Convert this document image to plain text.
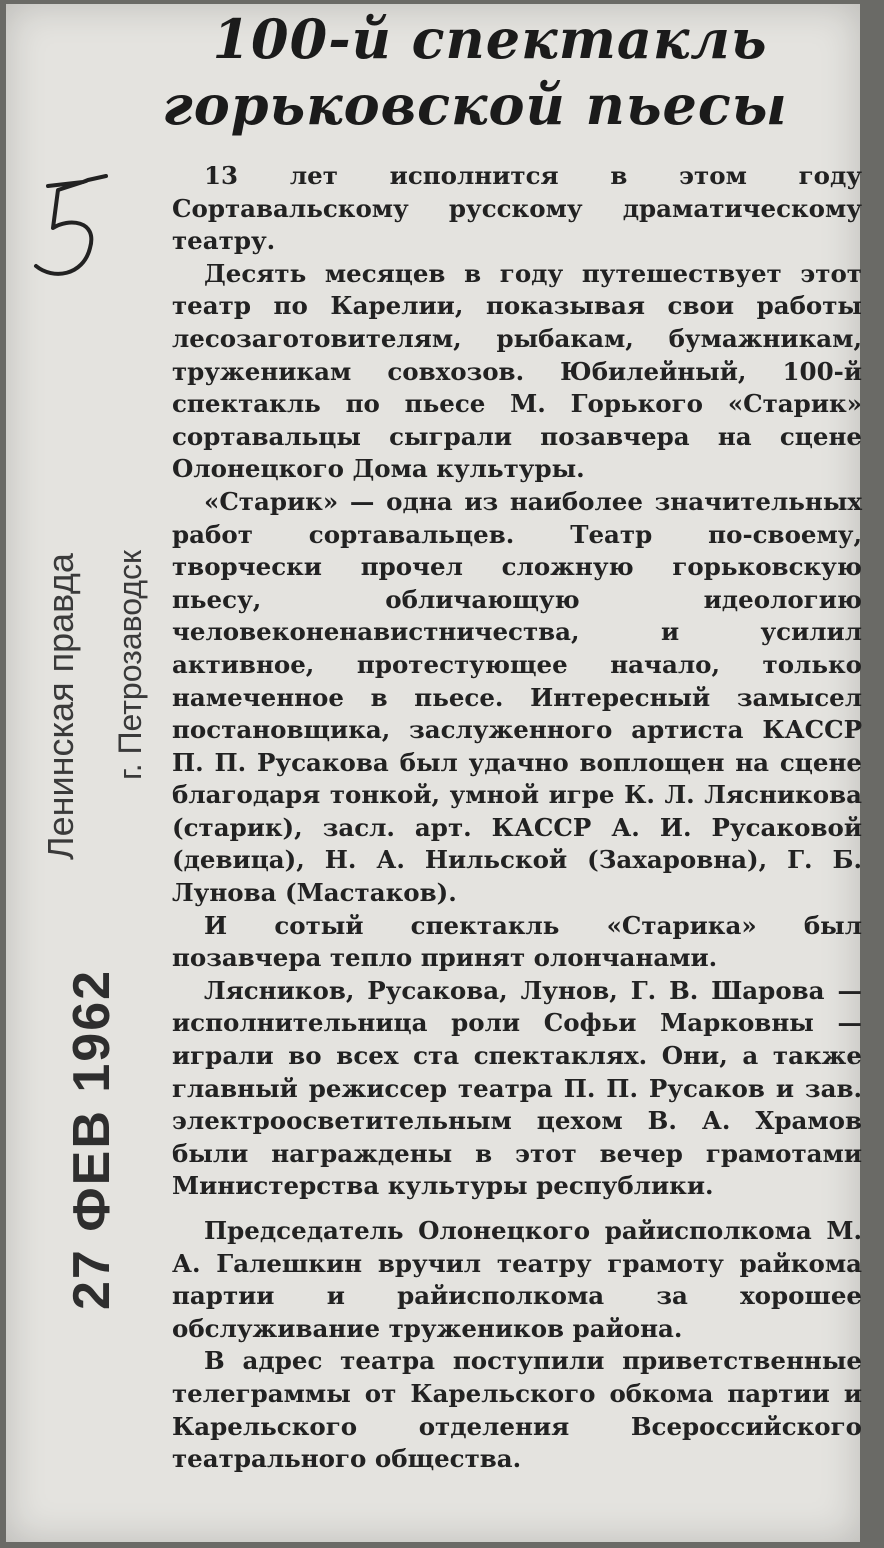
100-й спектакль
горьковской пьесы
Ленинская правда г. Петрозаводск
27 ФЕВ 1962

13 лет исполнится в этом году Сортавальскому русскому драматическому театру.

Десять месяцев в году путешествует этот театр по Карелии, показывая свои работы лесозаготовителям, рыбакам, бумажникам, труженикам совхозов. Юбилейный, 100-й спектакль по пьесе М. Горького «Старик» сортавальцы сыграли позавчера на сцене Олонецкого Дома культуры.

«Старик» — одна из наиболее значительных работ сортавальцев. Театр по-своему, творчески прочел сложную горьковскую пьесу, обличающую идеологию человеконенавистничества, и усилил активное, протестующее начало, только намеченное в пьесе. Интересный замысел постановщика, заслуженного артиста КАССР П. П. Русакова был удачно воплощен на сцене благодаря тонкой, умной игре К. Л. Лясникова (старик), засл. арт. КАССР А. И. Русаковой (девица), Н. А. Нильской (Захаровна), Г. Б. Лунова (Мастаков).

И сотый спектакль «Старика» был позавчера тепло принят олончанами.

Лясников, Русакова, Лунов, Г. В. Шарова — исполнительница роли Софьи Марковны — играли во всех ста спектаклях. Они, а также главный режиссер театра П. П. Русаков и зав. электроосветительным цехом В. А. Храмов были награждены в этот вечер грамотами Министерства культуры республики.

Председатель Олонецкого райисполкома М. А. Галешкин вручил театру грамоту райкома партии и райисполкома за хорошее обслуживание тружеников района.

В адрес театра поступили приветственные телеграммы от Карельского обкома партии и Карельского отделения Всероссийского театрального общества.
